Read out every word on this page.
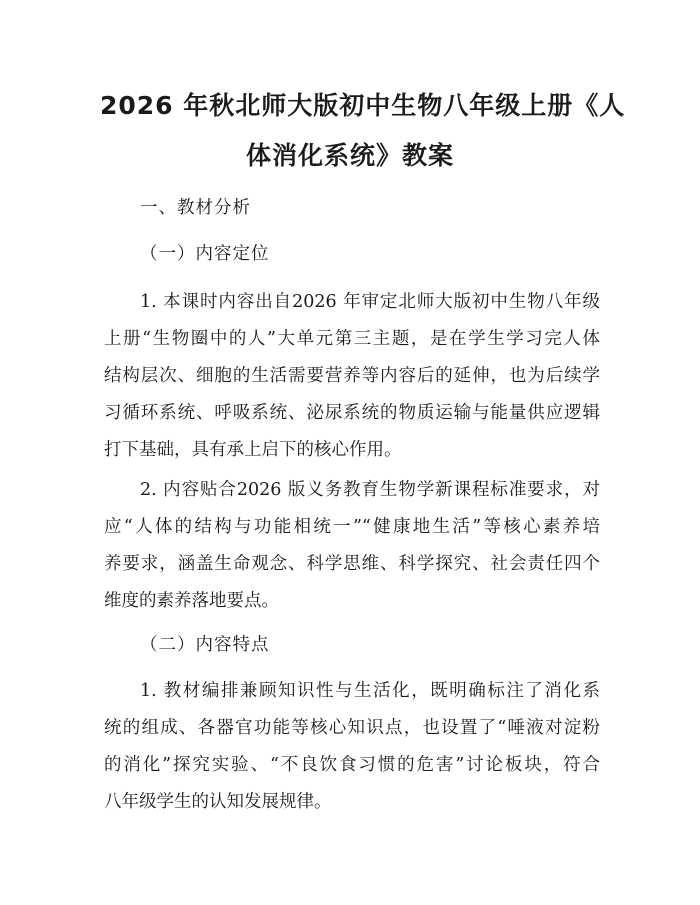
2026 年秋北师大版初中生物八年级上册《人
体消化系统》教案
一、教材分析
（一）内容定位
1. 本课时内容出自2026 年审定北师大版初中生物八年级
上册“生物圈中的人”大单元第三主题，是在学生学习完人体
结构层次、细胞的生活需要营养等内容后的延伸，也为后续学
习循环系统、呼吸系统、泌尿系统的物质运输与能量供应逻辑
打下基础，具有承上启下的核心作用。
2. 内容贴合2026 版义务教育生物学新课程标准要求，对
应“人体的结构与功能相统一”“健康地生活”等核心素养培
养要求，涵盖生命观念、科学思维、科学探究、社会责任四个
维度的素养落地要点。
（二）内容特点
1. 教材编排兼顾知识性与生活化，既明确标注了消化系
统的组成、各器官功能等核心知识点，也设置了“唾液对淀粉
的消化”探究实验、“不良饮食习惯的危害”讨论板块，符合
八年级学生的认知发展规律。
